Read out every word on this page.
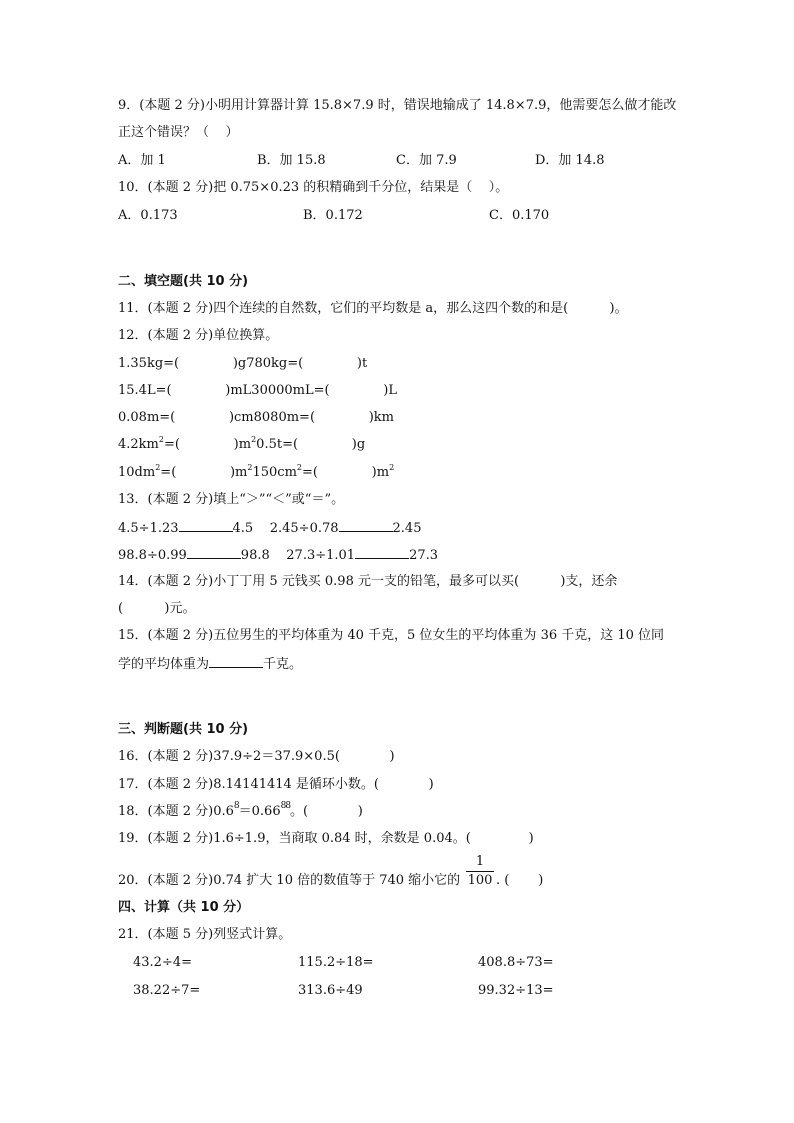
9．(本题 2 分)小明用计算器计算 15.8×7.9 时，错误地输成了 14.8×7.9，他需要怎么做才能改
正这个错误？（    ）
A．加 1	B．加 15.8	C．加 7.9	D．加 14.8
10．(本题 2 分)把 0.75×0.23 的积精确到千分位，结果是（    ）。
A．0.173	B．0.172	C．0.170
二、填空题(共 10 分)
11．(本题 2 分)四个连续的自然数，它们的平均数是 a，那么这四个数的和是(          )。
12．(本题 2 分)单位换算。
1.35kg=(             )g780kg=(             )t
15.4L=(             )mL30000mL=(             )L
0.08m=(             )cm8080m=(             )km
$4.2km^2=$(             )$m^20.5t=$(             )g
$10dm^2=$(             )$m^2150cm^2=$(             )$m^2$
13．(本题 2 分)填上“＞”“＜”或“＝”。
4.5÷1.23	4.5 2.45÷0.78	2.45
98.8÷0.99	98.8 27.3÷1.01	27.3
14．(本题 2 分)小丁丁用 5 元钱买 0.98 元一支的铅笔，最多可以买(          )支，还余
(          )元。
15．(本题 2 分)五位男生的平均体重为 40 千克，5 位女生的平均体重为 36 千克，这 10 位同
学的平均体重为	千克。
三、判断题(共 10 分)
16．(本题 2 分)37.9÷2＝37.9×0.5(            )
17．(本题 2 分)8.14141414 是循环小数。(            )
18．(本题 2 分)$0.6^8=0.66^{88}$。(            )
19．(本题 2 分)1.6÷1.9，当商取 0.84 时，余数是 0.04。(              )
20．(本题 2 分)0.74 扩大 10 倍的数值等于 740 缩小它的
1
100 . (       )
四、计算（共 10 分）
21．(本题 5 分)列竖式计算。
43.2÷4=	115.2÷18=	408.8÷73=
38.22÷7=	313.6÷49	99.32÷13=
